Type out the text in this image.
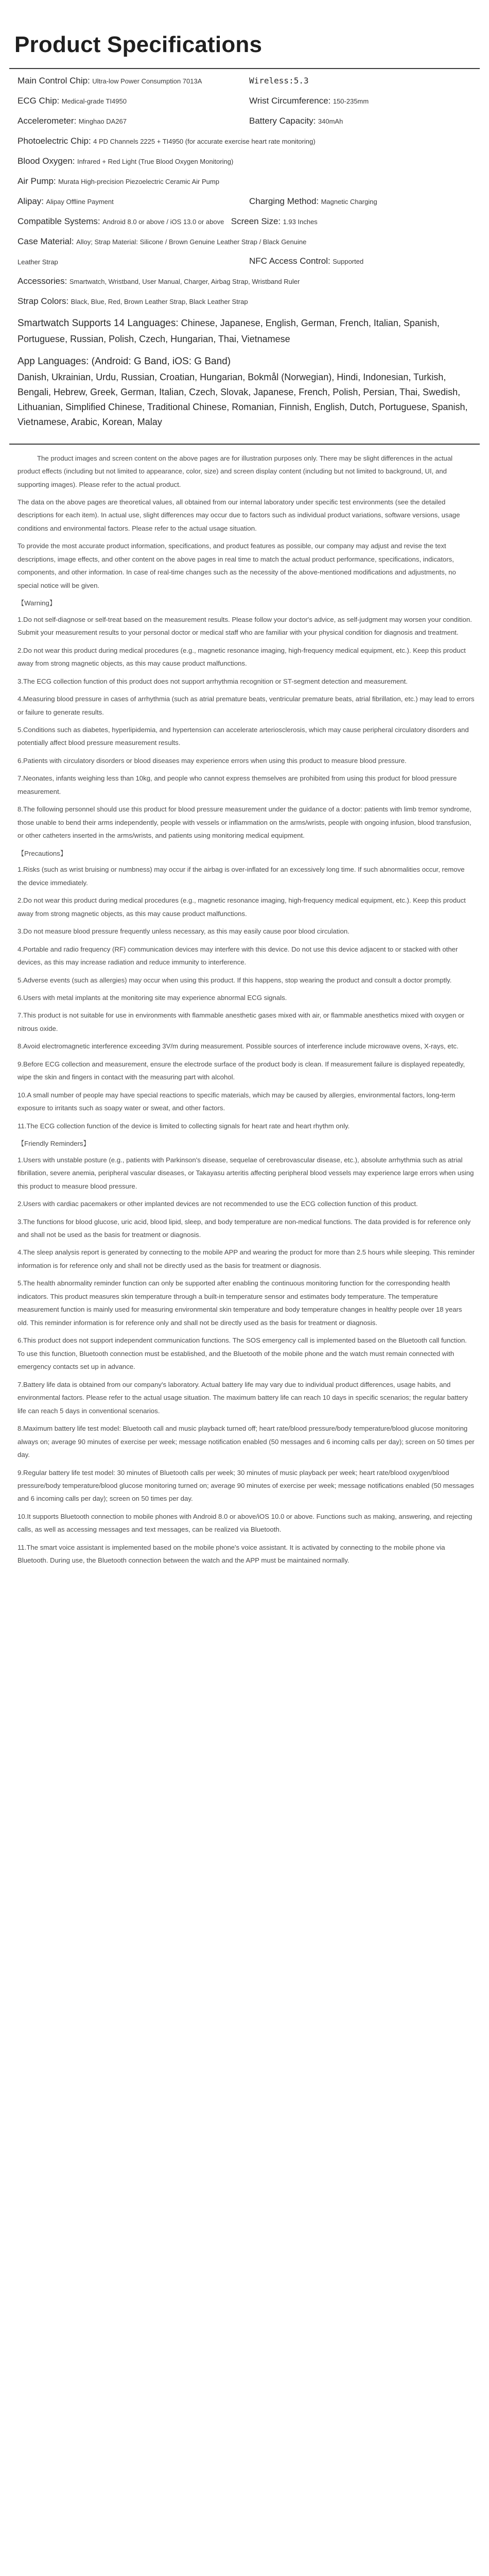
Product Specifications
Main Control Chip: Ultra-low Power Consumption 7013A	Wireless:5.3
ECG Chip: Medical-grade TI4950	Wrist Circumference: 150-235mm
Accelerometer: Minghao DA267	Battery Capacity: 340mAh
Photoelectric Chip: 4 PD Channels 2225 + TI4950 (for accurate exercise heart rate monitoring)
Blood Oxygen: Infrared + Red Light (True Blood Oxygen Monitoring)
Air Pump: Murata High-precision Piezoelectric Ceramic Air Pump
Alipay: Alipay Offline Payment	Charging Method: Magnetic Charging
Compatible Systems: Android 8.0 or above / iOS 13.0 or above Screen Size: 1.93 Inches
Case Material: Alloy; Strap Material: Silicone / Brown Genuine Leather Strap / Black Genuine
Leather Strap	NFC Access Control: Supported
Accessories: Smartwatch, Wristband, User Manual, Charger, Airbag Strap, Wristband Ruler
Strap Colors: Black, Blue, Red, Brown Leather Strap, Black Leather Strap
Smartwatch Supports 14 Languages: Chinese, Japanese, English, German, French, Italian, Spanish, Portuguese, Russian, Polish, Czech, Hungarian, Thai, Vietnamese
App Languages: (Android: G Band, iOS: G Band)
Danish, Ukrainian, Urdu, Russian, Croatian, Hungarian, Bokmål (Norwegian), Hindi, Indonesian, Turkish, Bengali, Hebrew, Greek, German, Italian, Czech, Slovak, Japanese, French, Polish, Persian, Thai, Swedish, Lithuanian, Simplified Chinese, Traditional Chinese, Romanian, Finnish, English, Dutch, Portuguese, Spanish, Vietnamese, Arabic, Korean, Malay

The product images and screen content on the above pages are for illustration purposes only. There may be slight differences in the actual product effects (including but not limited to appearance, color, size) and screen display content (including but not limited to background, UI, and supporting images). Please refer to the actual product.

The data on the above pages are theoretical values, all obtained from our internal laboratory under specific test environments (see the detailed descriptions for each item). In actual use, slight differences may occur due to factors such as individual product variations, software versions, usage conditions and environmental factors. Please refer to the actual usage situation.

To provide the most accurate product information, specifications, and product features as possible, our company may adjust and revise the text descriptions, image effects, and other content on the above pages in real time to match the actual product performance, specifications, indicators, components, and other information. In case of real-time changes such as the necessity of the above-mentioned modifications and adjustments, no special notice will be given.

【Warning】

1.Do not self-diagnose or self-treat based on the measurement results. Please follow your doctor's advice, as self-judgment may worsen your condition. Submit your measurement results to your personal doctor or medical staff who are familiar with your physical condition for diagnosis and treatment.

2.Do not wear this product during medical procedures (e.g., magnetic resonance imaging, high-frequency medical equipment, etc.). Keep this product away from strong magnetic objects, as this may cause product malfunctions.

3.The ECG collection function of this product does not support arrhythmia recognition or ST-segment detection and measurement.

4.Measuring blood pressure in cases of arrhythmia (such as atrial premature beats, ventricular premature beats, atrial fibrillation, etc.) may lead to errors or failure to generate results.

5.Conditions such as diabetes, hyperlipidemia, and hypertension can accelerate arteriosclerosis, which may cause peripheral circulatory disorders and potentially affect blood pressure measurement results.

6.Patients with circulatory disorders or blood diseases may experience errors when using this product to measure blood pressure.

7.Neonates, infants weighing less than 10kg, and people who cannot express themselves are prohibited from using this product for blood pressure measurement.

8.The following personnel should use this product for blood pressure measurement under the guidance of a doctor: patients with limb tremor syndrome, those unable to bend their arms independently, people with vessels or inflammation on the arms/wrists, people with ongoing infusion, blood transfusion, or other catheters inserted in the arms/wrists, and patients using monitoring medical equipment.

【Precautions】

1.Risks (such as wrist bruising or numbness) may occur if the airbag is over-inflated for an excessively long time. If such abnormalities occur, remove the device immediately.

2.Do not wear this product during medical procedures (e.g., magnetic resonance imaging, high-frequency medical equipment, etc.). Keep this product away from strong magnetic objects, as this may cause product malfunctions.

3.Do not measure blood pressure frequently unless necessary, as this may easily cause poor blood circulation.

4.Portable and radio frequency (RF) communication devices may interfere with this device. Do not use this device adjacent to or stacked with other devices, as this may increase radiation and reduce immunity to interference.

5.Adverse events (such as allergies) may occur when using this product. If this happens, stop wearing the product and consult a doctor promptly.

6.Users with metal implants at the monitoring site may experience abnormal ECG signals.

7.This product is not suitable for use in environments with flammable anesthetic gases mixed with air, or flammable anesthetics mixed with oxygen or nitrous oxide.

8.Avoid electromagnetic interference exceeding 3V/m during measurement. Possible sources of interference include microwave ovens, X-rays, etc.

9.Before ECG collection and measurement, ensure the electrode surface of the product body is clean. If measurement failure is displayed repeatedly, wipe the skin and fingers in contact with the measuring part with alcohol.

10.A small number of people may have special reactions to specific materials, which may be caused by allergies, environmental factors, long-term exposure to irritants such as soapy water or sweat, and other factors.

11.The ECG collection function of the device is limited to collecting signals for heart rate and heart rhythm only.

【Friendly Reminders】

1.Users with unstable posture (e.g., patients with Parkinson's disease, sequelae of cerebrovascular disease, etc.), absolute arrhythmia such as atrial fibrillation, severe anemia, peripheral vascular diseases, or Takayasu arteritis affecting peripheral blood vessels may experience large errors when using this product to measure blood pressure.

2.Users with cardiac pacemakers or other implanted devices are not recommended to use the ECG collection function of this product.

3.The functions for blood glucose, uric acid, blood lipid, sleep, and body temperature are non-medical functions. The data provided is for reference only and shall not be used as the basis for treatment or diagnosis.

4.The sleep analysis report is generated by connecting to the mobile APP and wearing the product for more than 2.5 hours while sleeping. This reminder information is for reference only and shall not be directly used as the basis for treatment or diagnosis.

5.The health abnormality reminder function can only be supported after enabling the continuous monitoring function for the corresponding health indicators. This product measures skin temperature through a built-in temperature sensor and estimates body temperature. The temperature measurement function is mainly used for measuring environmental skin temperature and body temperature changes in healthy people over 18 years old. This reminder information is for reference only and shall not be directly used as the basis for treatment or diagnosis.

6.This product does not support independent communication functions. The SOS emergency call is implemented based on the Bluetooth call function. To use this function, Bluetooth connection must be established, and the Bluetooth of the mobile phone and the watch must remain connected with emergency contacts set up in advance.

7.Battery life data is obtained from our company's laboratory. Actual battery life may vary due to individual product differences, usage habits, and environmental factors. Please refer to the actual usage situation. The maximum battery life can reach 10 days in specific scenarios; the regular battery life can reach 5 days in conventional scenarios.

8.Maximum battery life test model: Bluetooth call and music playback turned off; heart rate/blood pressure/body temperature/blood glucose monitoring always on; average 90 minutes of exercise per week; message notification enabled (50 messages and 6 incoming calls per day); screen on 50 times per day.

9.Regular battery life test model: 30 minutes of Bluetooth calls per week; 30 minutes of music playback per week; heart rate/blood oxygen/blood pressure/body temperature/blood glucose monitoring turned on; average 90 minutes of exercise per week; message notifications enabled (50 messages and 6 incoming calls per day); screen on 50 times per day.

10.It supports Bluetooth connection to mobile phones with Android 8.0 or above/iOS 10.0 or above. Functions such as making, answering, and rejecting calls, as well as accessing messages and text messages, can be realized via Bluetooth.

11.The smart voice assistant is implemented based on the mobile phone's voice assistant. It is activated by connecting to the mobile phone via Bluetooth. During use, the Bluetooth connection between the watch and the APP must be maintained normally.
